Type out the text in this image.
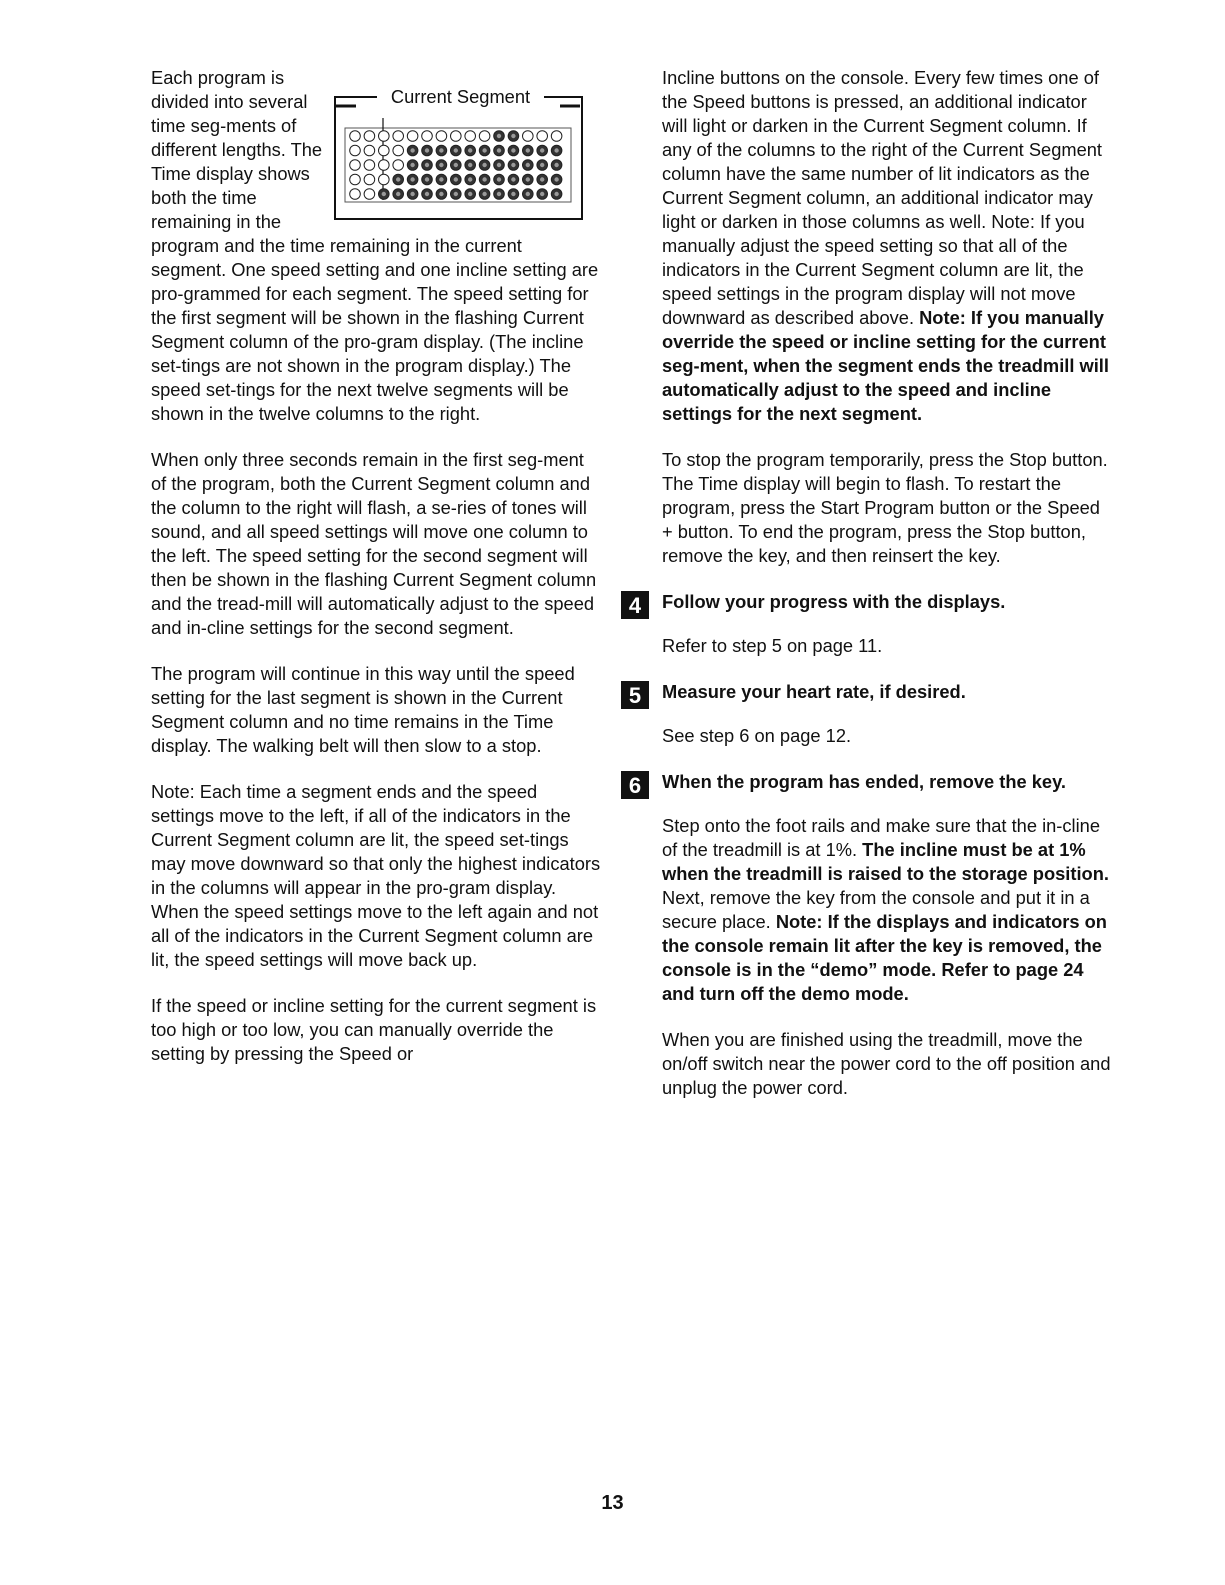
Current Segment

Each program is divided into several time seg-ments of different lengths. The Time display shows both the time remaining in the program and the time remaining in the current segment. One speed setting and one incline setting are pro-grammed for each segment. The speed setting for the first segment will be shown in the flashing Current Segment column of the pro-gram display. (The incline set-tings are not shown in the program display.) The speed set-tings for the next twelve segments will be shown in the twelve columns to the right.

When only three seconds remain in the first seg-ment of the program, both the Current Segment column and the column to the right will flash, a se-ries of tones will sound, and all speed settings will move one column to the left. The speed setting for the second segment will then be shown in the flashing Current Segment column and the tread-mill will automatically adjust to the speed and in-cline settings for the second segment.

The program will continue in this way until the speed setting for the last segment is shown in the Current Segment column and no time remains in the Time display. The walking belt will then slow to a stop.

Note: Each time a segment ends and the speed settings move to the left, if all of the indicators in the Current Segment column are lit, the speed set-tings may move downward so that only the highest indicators in the columns will appear in the pro-gram display. When the speed settings move to the left again and not all of the indicators in the Current Segment column are lit, the speed settings will move back up.

If the speed or incline setting for the current segment is too high or too low, you can manually override the setting by pressing the Speed or

Incline buttons on the console. Every few times one of the Speed buttons is pressed, an additional indicator will light or darken in the Current Segment column. If any of the columns to the right of the Current Segment column have the same number of lit indicators as the Current Segment column, an additional indicator may light or darken in those columns as well. Note: If you manually adjust the speed setting so that all of the indicators in the Current Segment column are lit, the speed settings in the program display will not move downward as described above. Note: If you manually override the speed or incline setting for the current seg-ment, when the segment ends the treadmill will automatically adjust to the speed and incline settings for the next segment.

To stop the program temporarily, press the Stop button. The Time display will begin to flash. To restart the program, press the Start Program button or the Speed + button. To end the program, press the Stop button, remove the key, and then reinsert the key.

4	Follow your progress with the displays.

Refer to step 5 on page 11.

5	Measure your heart rate, if desired.

See step 6 on page 12.

6	When the program has ended, remove the key.

Step onto the foot rails and make sure that the in-cline of the treadmill is at 1%. The incline must be at 1% when the treadmill is raised to the storage position. Next, remove the key from the console and put it in a secure place. Note: If the displays and indicators on the console remain lit after the key is removed, the console is in the “demo” mode. Refer to page 24 and turn off the demo mode.

When you are finished using the treadmill, move the on/off switch near the power cord to the off position and unplug the power cord.

13
